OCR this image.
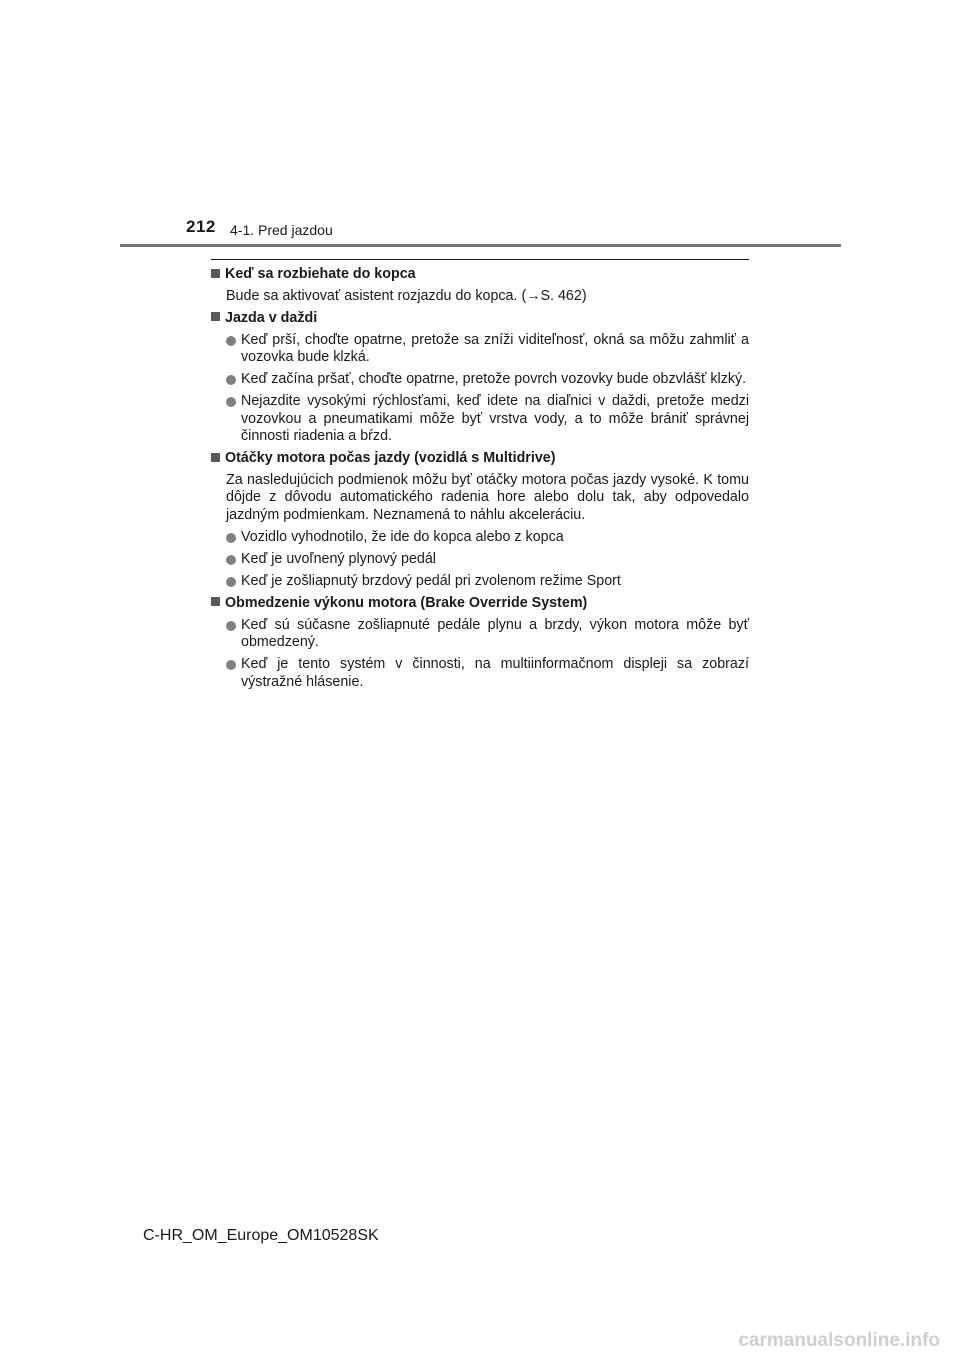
212 4-1. Pred jazdou
Keď sa rozbiehate do kopca
Bude sa aktivovať asistent rozjazdu do kopca. (→S. 462)
Jazda v daždi
Keď prší, choďte opatrne, pretože sa zníži viditeľnosť, okná sa môžu zahmliť a vozovka bude klzká.
Keď začína pršať, choďte opatrne, pretože povrch vozovky bude obzvlášť klzký.
Nejazdite vysokými rýchlosťami, keď idete na diaľnici v daždi, pretože medzi vozovkou a pneumatikami môže byť vrstva vody, a to môže brániť správnej činnosti riadenia a bŕzd.
Otáčky motora počas jazdy (vozidlá s Multidrive)
Za nasledujúcich podmienok môžu byť otáčky motora počas jazdy vysoké. K tomu dôjde z dôvodu automatického radenia hore alebo dolu tak, aby odpovedalo jazdným podmienkam. Neznamená to náhlu akceleráciu.
Vozidlo vyhodnotilo, že ide do kopca alebo z kopca
Keď je uvoľnený plynový pedál
Keď je zošliapnutý brzdový pedál pri zvolenom režime Sport
Obmedzenie výkonu motora (Brake Override System)
Keď sú súčasne zošliapnuté pedále plynu a brzdy, výkon motora môže byť obmedzený.
Keď je tento systém v činnosti, na multiinformačnom displeji sa zobrazí výstražné hlásenie.
C-HR_OM_Europe_OM10528SK
carmanualsonline.info
